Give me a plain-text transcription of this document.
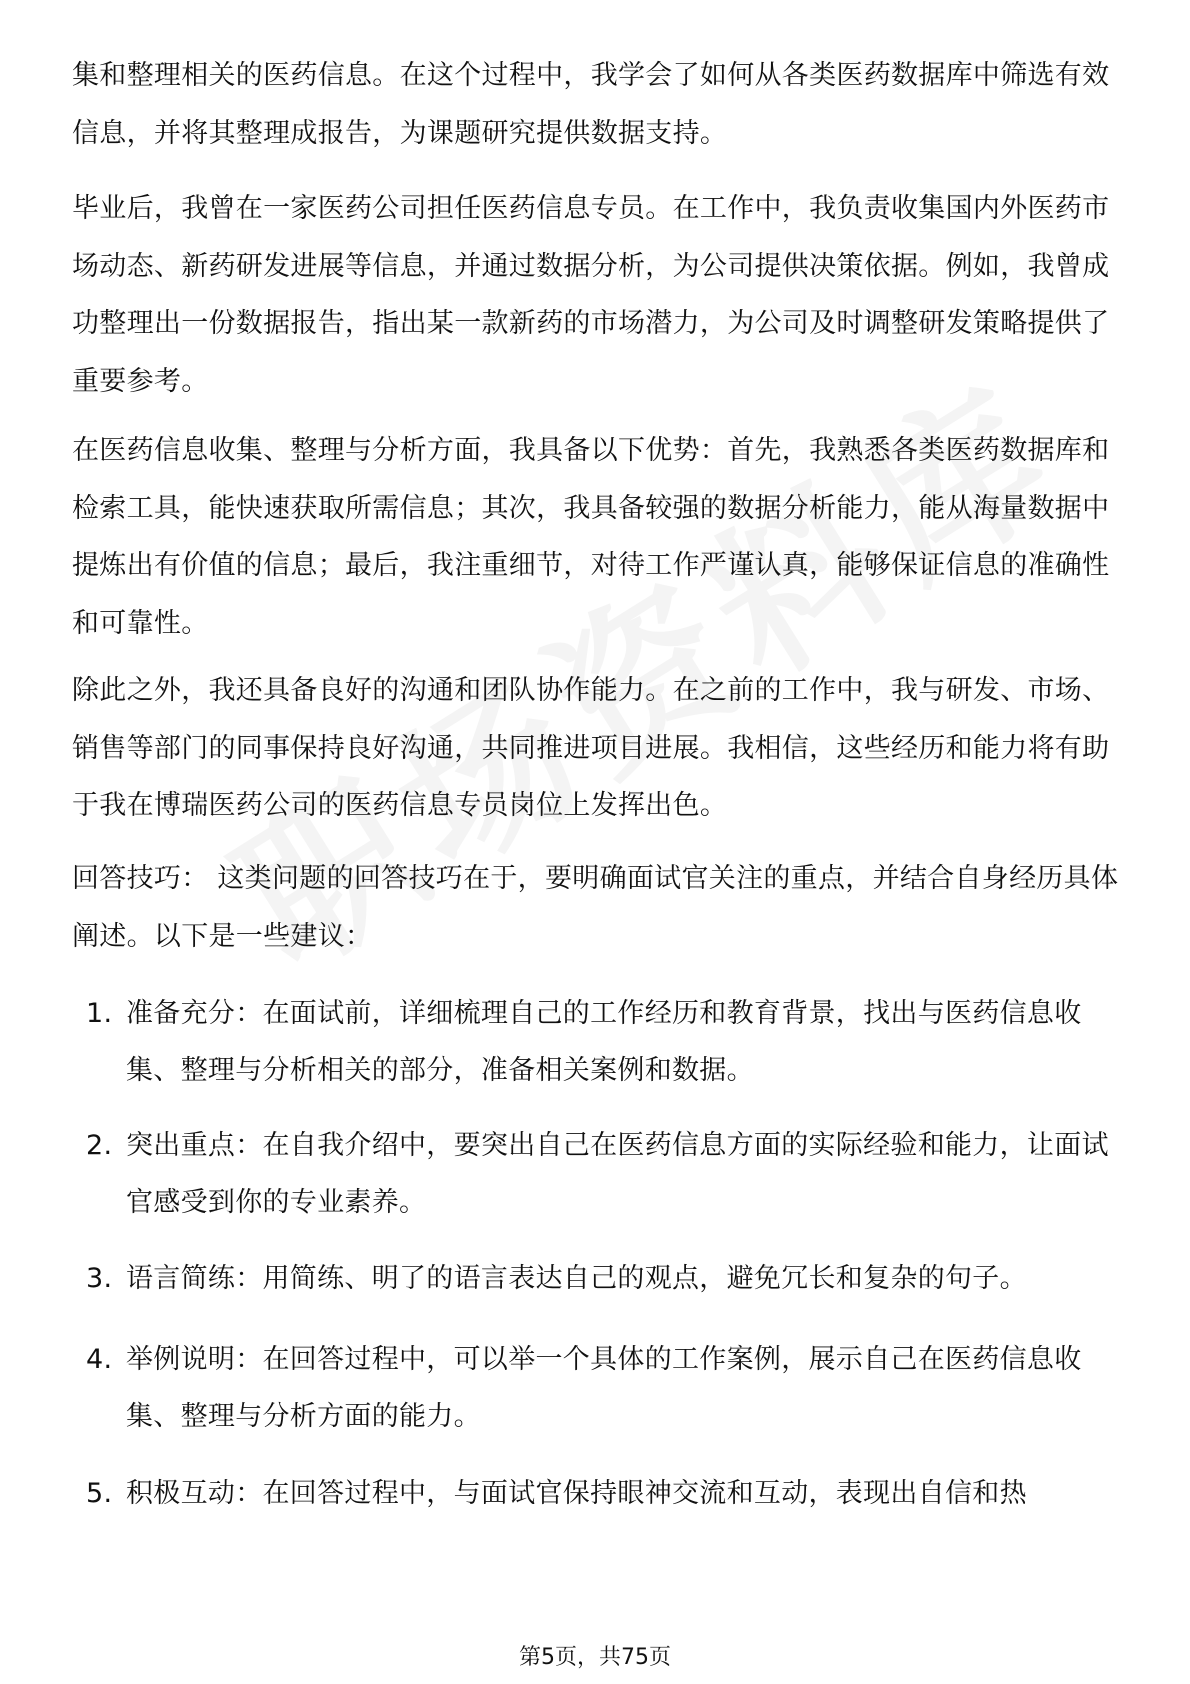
集和整理相关的医药信息。在这个过程中，我学会了如何从各类医药数据库中筛选有效信息，并将其整理成报告，为课题研究提供数据支持。

毕业后，我曾在一家医药公司担任医药信息专员。在工作中，我负责收集国内外医药市场动态、新药研发进展等信息，并通过数据分析，为公司提供决策依据。例如，我曾成功整理出一份数据报告，指出某一款新药的市场潜力，为公司及时调整研发策略提供了重要参考。

在医药信息收集、整理与分析方面，我具备以下优势：首先，我熟悉各类医药数据库和检索工具，能快速获取所需信息；其次，我具备较强的数据分析能力，能从海量数据中提炼出有价值的信息；最后，我注重细节，对待工作严谨认真，能够保证信息的准确性和可靠性。

除此之外，我还具备良好的沟通和团队协作能力。在之前的工作中，我与研发、市场、销售等部门的同事保持良好沟通，共同推进项目进展。我相信，这些经历和能力将有助于我在博瑞医药公司的医药信息专员岗位上发挥出色。

回答技巧： 这类问题的回答技巧在于，要明确面试官关注的重点，并结合自身经历具体阐述。以下是一些建议：

1. 准备充分：在面试前，详细梳理自己的工作经历和教育背景，找出与医药信息收集、整理与分析相关的部分，准备相关案例和数据。
2. 突出重点：在自我介绍中，要突出自己在医药信息方面的实际经验和能力，让面试官感受到你的专业素养。
3. 语言简练：用简练、明了的语言表达自己的观点，避免冗长和复杂的句子。
4. 举例说明：在回答过程中，可以举一个具体的工作案例，展示自己在医药信息收集、整理与分析方面的能力。
5. 积极互动：在回答过程中，与面试官保持眼神交流和互动，表现出自信和热
第5页，共75页
